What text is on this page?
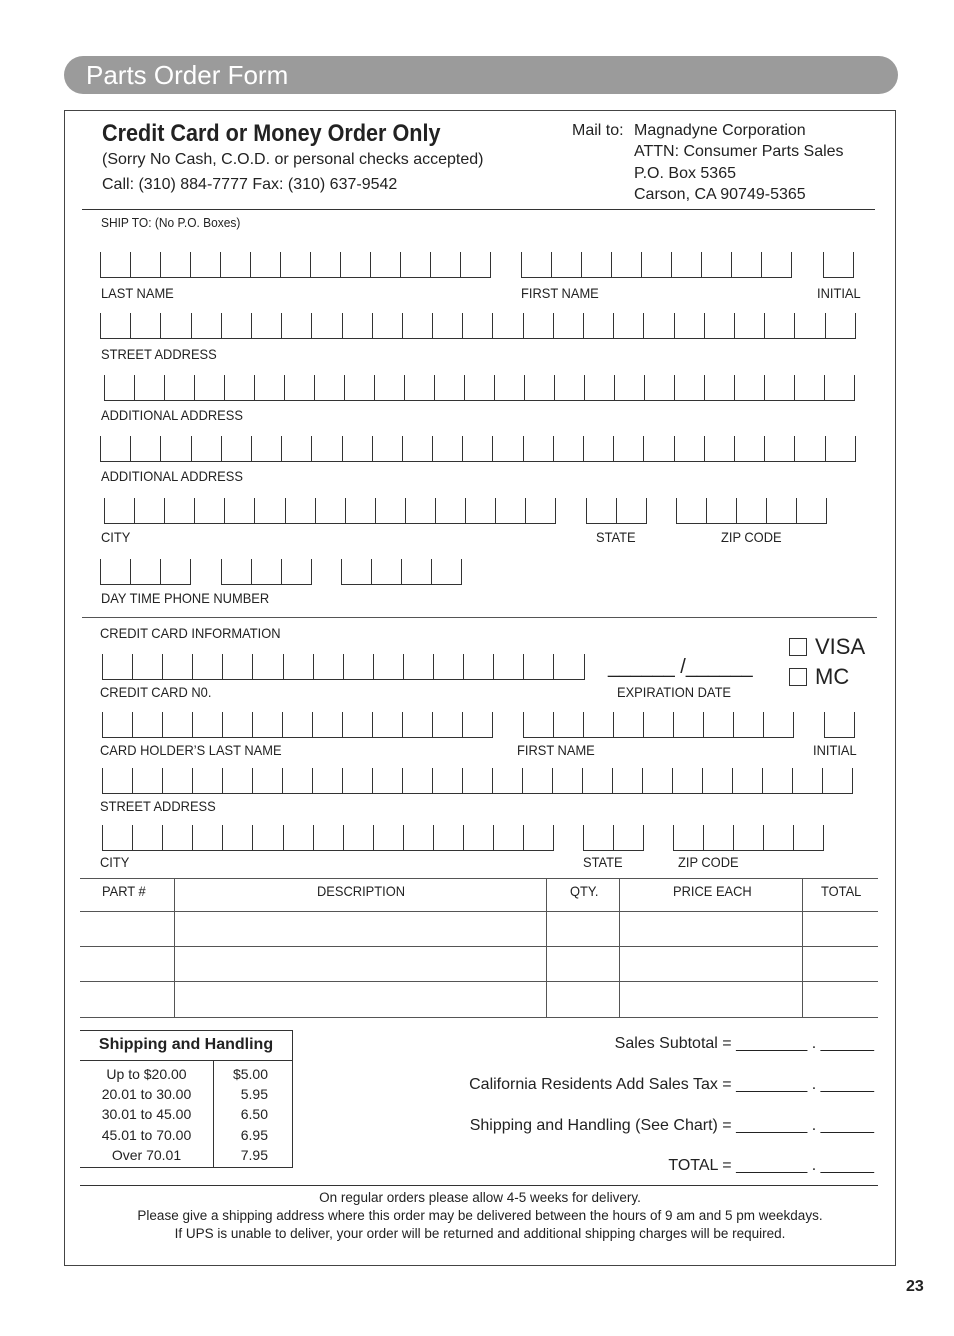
Parts Order Form
Credit Card or Money Order Only
(Sorry No Cash, C.O.D. or personal checks accepted)
Call: (310) 884-7777 Fax: (310) 637-9542
Mail to: Magnadyne Corporation
ATTN: Consumer Parts Sales
P.O. Box 5365
Carson, CA 90749-5365
SHIP TO: (No P.O. Boxes)
LAST NAME	FIRST NAME	INITIAL
STREET ADDRESS
ADDITIONAL ADDRESS
ADDITIONAL ADDRESS
CITY	STATE	ZIP CODE
DAY TIME PHONE NUMBER
CREDIT CARD INFORMATION
______ /______
CREDIT CARD N0.	EXPIRATION DATE
VISA
MC
CARD HOLDER’S LAST NAME	FIRST NAME	INITIAL
STREET ADDRESS
CITY	STATE	ZIP CODE
PART #	DESCRIPTION	QTY.	PRICE EACH	TOTAL
Shipping and Handling
Up to $20.00	$5.00
20.01 to 30.00	5.95
30.01 to 45.00	6.50
45.01 to 70.00	6.95
Over 70.01	7.95
Sales Subtotal = ________ . ______
California Residents Add Sales Tax = ________ . ______
Shipping and Handling (See Chart) = ________ . ______
TOTAL = ________ . ______
On regular orders please allow 4-5 weeks for delivery.
Please give a shipping address where this order may be delivered between the hours of 9 am and 5 pm weekdays.
If UPS is unable to deliver, your order will be returned and additional shipping charges will be required.
23
